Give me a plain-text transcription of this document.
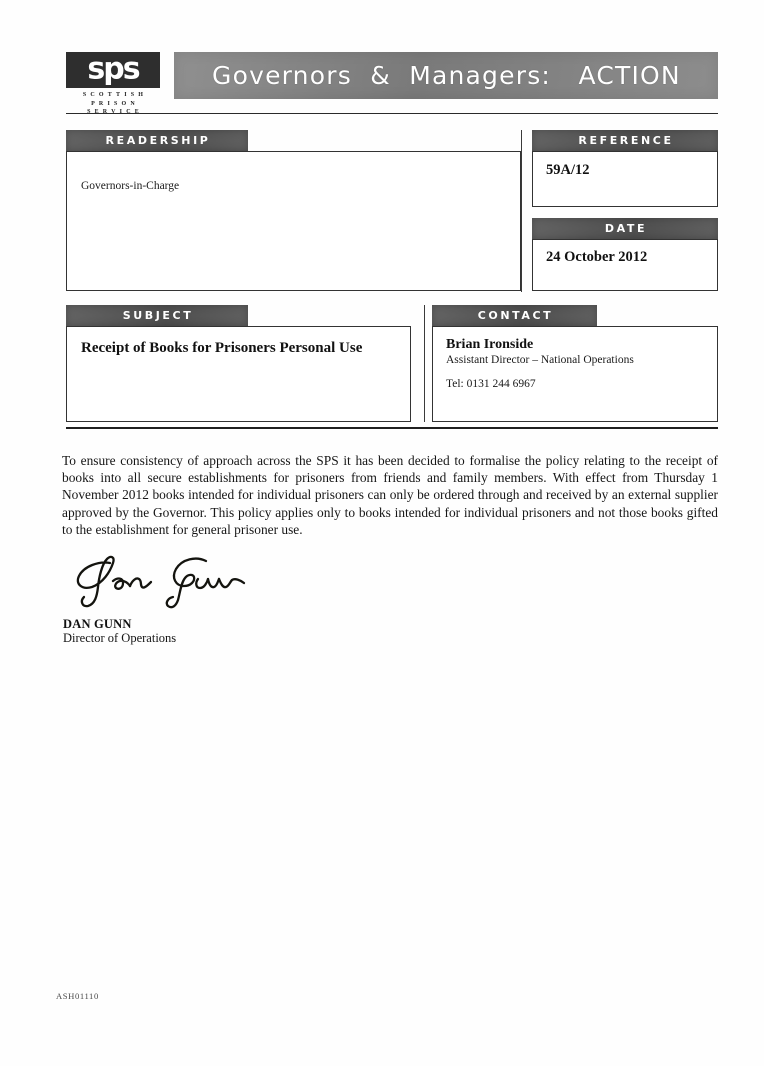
sps
SCOTTISH
PRISON
SERVICE
Governors  &  Managers:   ACTION
READERSHIP
Governors-in-Charge
REFERENCE
59A/12
DATE
24 October 2012
SUBJECT
Receipt of Books for Prisoners Personal Use
CONTACT
Brian Ironside
Assistant Director – National Operations
Tel: 0131 244 6967
To ensure consistency of approach across the SPS it has been decided to formalise the policy relating to the receipt of books into all secure establishments for prisoners from friends and family members. With effect from Thursday 1 November 2012 books intended for individual prisoners can only be ordered through and received by an external supplier approved by the Governor. This policy applies only to books intended for individual prisoners and not those books gifted to the establishment for general prisoner use.
DAN GUNN
Director of Operations
ASH01110
